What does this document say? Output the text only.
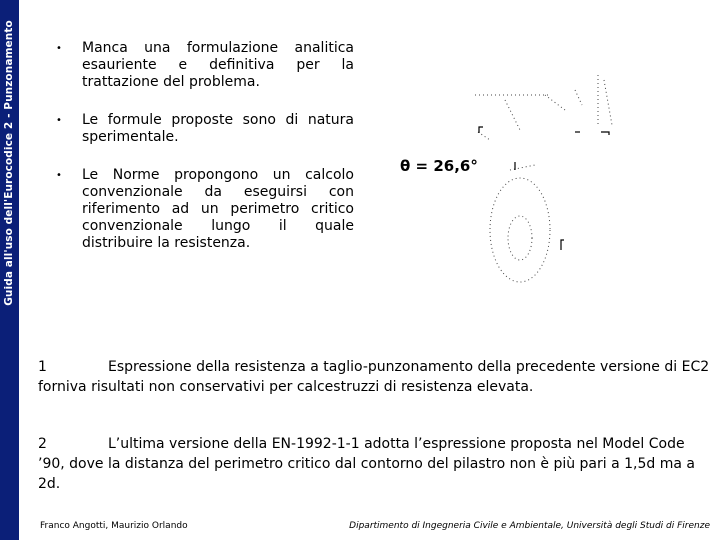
Guida all'uso dell'Eurocodice 2 - Punzonamento	•	Manca una formulazione analitica esauriente e definitiva per la trattazione del problema.
•	Le formule proposte sono di natura sperimentale.
•	Le Norme propongono un calcolo convenzionale da eseguirsi con riferimento ad un perimetro critico convenzionale lungo il quale distribuire la resistenza.
θ = 26,6°
1	Espressione della resistenza a taglio-punzonamento della precedente versione di EC2 forniva risultati non conservativi per calcestruzzi di resistenza elevata.
2	L’ultima versione della EN-1992-1-1 adotta l’espressione proposta nel Model Code ’90, dove la distanza del perimetro critico dal contorno del pilastro non è più pari a 1,5d ma a 2d.
Franco Angotti, Maurizio Orlando	Dipartimento di Ingegneria Civile e Ambientale, Università degli Studi di Firenze
